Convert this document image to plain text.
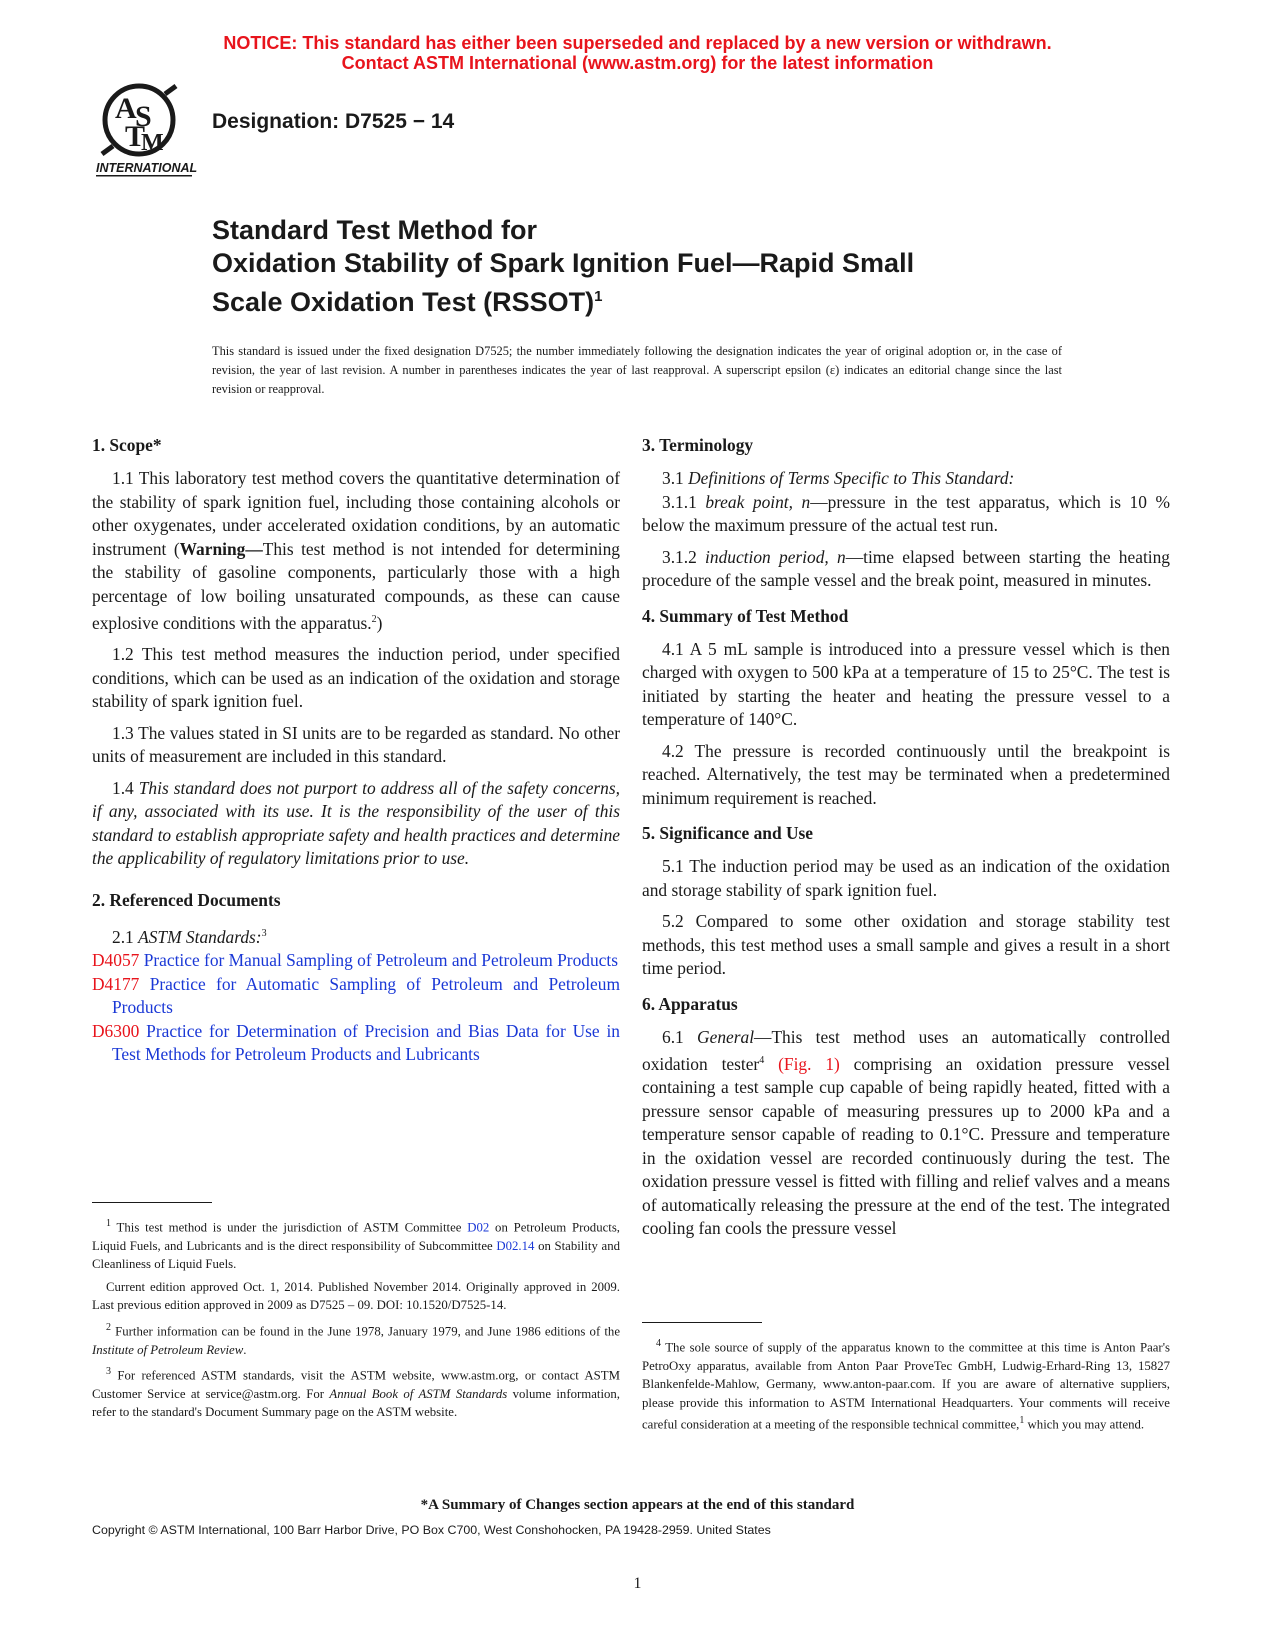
NOTICE: This standard has either been superseded and replaced by a new version or withdrawn.
Contact ASTM International (www.astm.org) for the latest information
A
S
T
M
INTERNATIONAL
Designation: D7525 − 14
Standard Test Method for
Oxidation Stability of Spark Ignition Fuel—Rapid Small
Scale Oxidation Test (RSSOT)$^1$
This standard is issued under the fixed designation D7525; the number immediately following the designation indicates the year of original adoption or, in the case of revision, the year of last revision. A number in parentheses indicates the year of last reapproval. A superscript epsilon (ε) indicates an editorial change since the last revision or reapproval.
1. Scope*

1.1 This laboratory test method covers the quantitative determination of the stability of spark ignition fuel, including those containing alcohols or other oxygenates, under accelerated oxidation conditions, by an automatic instrument (Warning—This test method is not intended for determining the stability of gasoline components, particularly those with a high percentage of low boiling unsaturated compounds, as these can cause explosive conditions with the apparatus.$^2$)

1.2 This test method measures the induction period, under specified conditions, which can be used as an indication of the oxidation and storage stability of spark ignition fuel.

1.3 The values stated in SI units are to be regarded as standard. No other units of measurement are included in this standard.

1.4 This standard does not purport to address all of the safety concerns, if any, associated with its use. It is the responsibility of the user of this standard to establish appropriate safety and health practices and determine the applicability of regulatory limitations prior to use.

2. Referenced Documents

2.1 ASTM Standards:$^3$

D4057 Practice for Manual Sampling of Petroleum and Petroleum Products
D4177 Practice for Automatic Sampling of Petroleum and Petroleum Products
D6300 Practice for Determination of Precision and Bias Data for Use in Test Methods for Petroleum Products and Lubricants
3. Terminology

3.1 Definitions of Terms Specific to This Standard:

3.1.1 break point, n—pressure in the test apparatus, which is 10 % below the maximum pressure of the actual test run.

3.1.2 induction period, n—time elapsed between starting the heating procedure of the sample vessel and the break point, measured in minutes.

4. Summary of Test Method

4.1 A 5 mL sample is introduced into a pressure vessel which is then charged with oxygen to 500 kPa at a temperature of 15 to 25°C. The test is initiated by starting the heater and heating the pressure vessel to a temperature of 140°C.

4.2 The pressure is recorded continuously until the breakpoint is reached. Alternatively, the test may be terminated when a predetermined minimum requirement is reached.

5. Significance and Use

5.1 The induction period may be used as an indication of the oxidation and storage stability of spark ignition fuel.

5.2 Compared to some other oxidation and storage stability test methods, this test method uses a small sample and gives a result in a short time period.

6. Apparatus

6.1 General—This test method uses an automatically controlled oxidation tester$^4$ (Fig. 1) comprising an oxidation pressure vessel containing a test sample cup capable of being rapidly heated, fitted with a pressure sensor capable of measuring pressures up to 2000 kPa and a temperature sensor capable of reading to 0.1°C. Pressure and temperature in the oxidation vessel are recorded continuously during the test. The oxidation pressure vessel is fitted with filling and relief valves and a means of automatically releasing the pressure at the end of the test. The integrated cooling fan cools the pressure vessel

$^1$ This test method is under the jurisdiction of ASTM Committee D02 on Petroleum Products, Liquid Fuels, and Lubricants and is the direct responsibility of Subcommittee D02.14 on Stability and Cleanliness of Liquid Fuels.

Current edition approved Oct. 1, 2014. Published November 2014. Originally approved in 2009. Last previous edition approved in 2009 as D7525 – 09. DOI: 10.1520/D7525-14.

$^2$ Further information can be found in the June 1978, January 1979, and June 1986 editions of the Institute of Petroleum Review.

$^3$ For referenced ASTM standards, visit the ASTM website, www.astm.org, or contact ASTM Customer Service at service@astm.org. For Annual Book of ASTM Standards volume information, refer to the standard's Document Summary page on the ASTM website.

$^4$ The sole source of supply of the apparatus known to the committee at this time is Anton Paar's PetroOxy apparatus, available from Anton Paar ProveTec GmbH, Ludwig-Erhard-Ring 13, 15827 Blankenfelde-Mahlow, Germany, www.anton-paar.com. If you are aware of alternative suppliers, please provide this information to ASTM International Headquarters. Your comments will receive careful consideration at a meeting of the responsible technical committee,$^1$ which you may attend.

*A Summary of Changes section appears at the end of this standard
Copyright © ASTM International, 100 Barr Harbor Drive, PO Box C700, West Conshohocken, PA 19428-2959. United States
1
